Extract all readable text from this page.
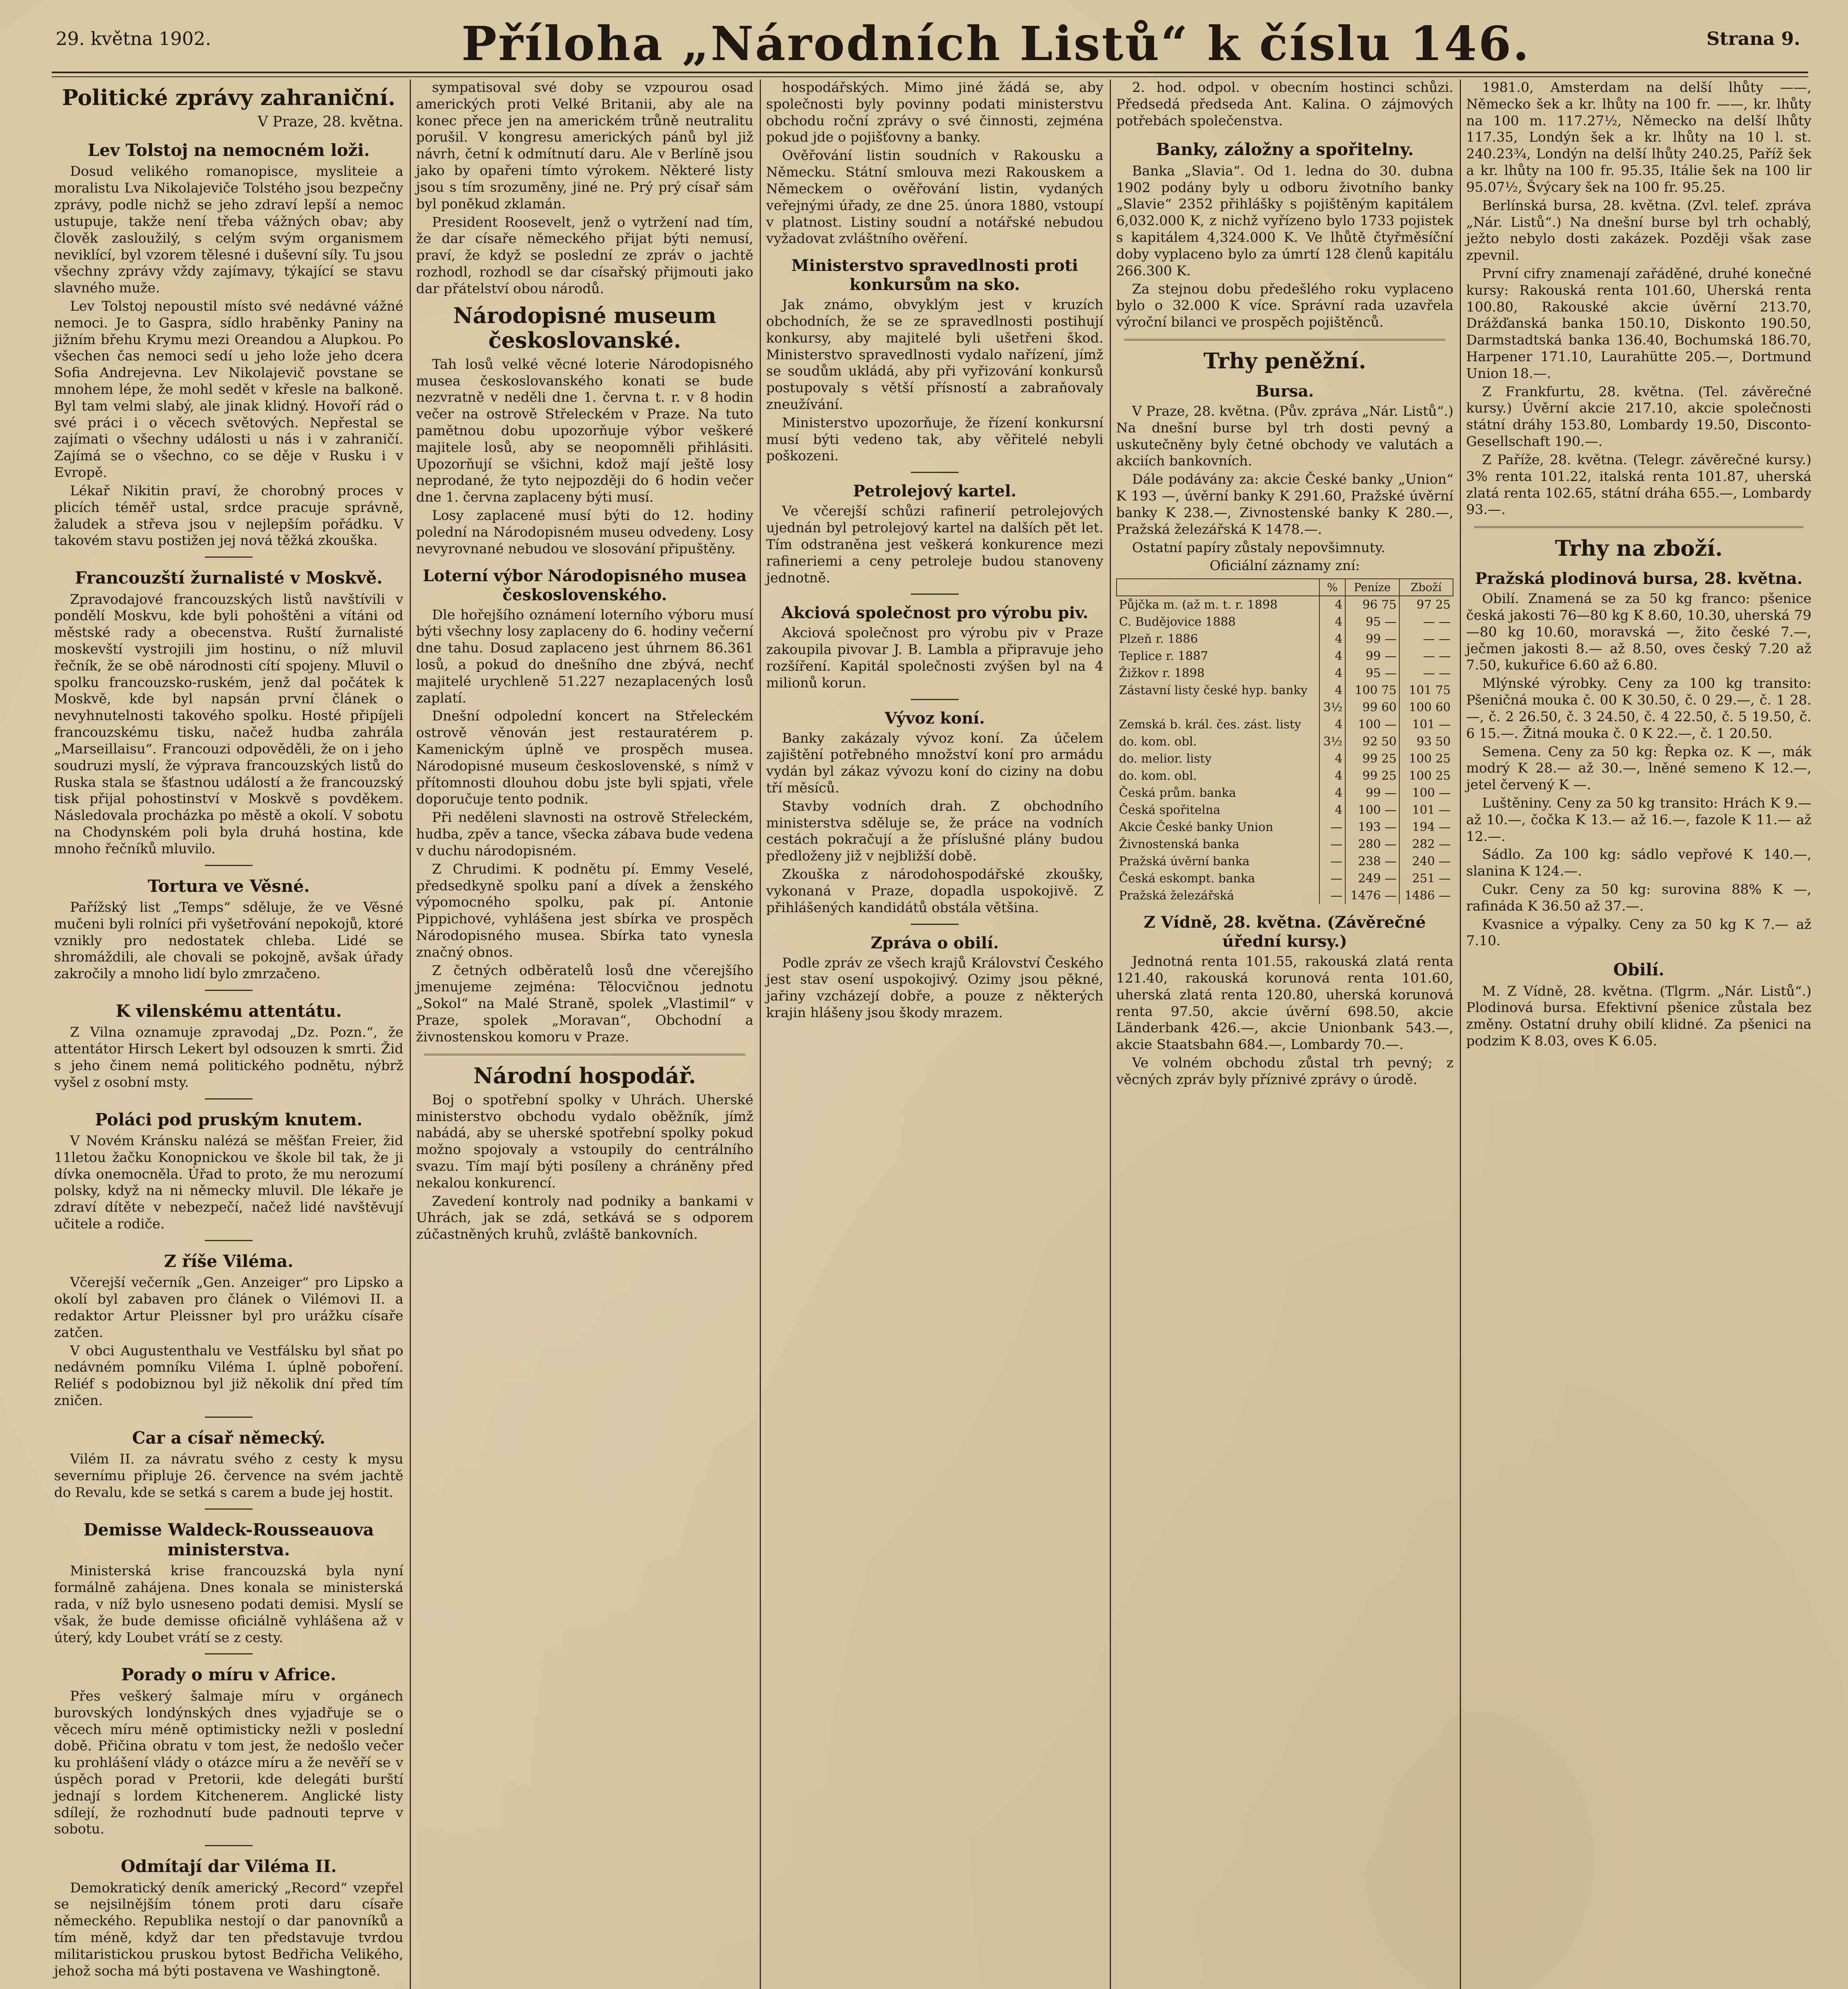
29. května 1902.	Příloha „Národních Listů“ k číslu 146.	Strana 9.
Politické zprávy zahraniční.
V Praze, 28. května.
Lev Tolstoj na nemocném loži.

Dosud velikého romanopisce, mysliteie a moralistu Lva Nikolajeviče Tolstého jsou bezpečny zprávy, podle nichž se jeho zdraví lepší a nemoc ustupuje, takže není třeba vážných obav; aby člověk zasloužilý, s celým svým organismem neviklící, byl vzorem tělesné i duševní síly. Tu jsou všechny zprávy vždy zajímavy, týkající se stavu slavného muže.

Lev Tolstoj nepoustil místo své nedávné vážné nemoci. Je to Gaspra, sídlo hraběnky Paniny na jižním břehu Krymu mezi Oreandou a Alupkou. Po všechen čas nemoci sedí u jeho lože jeho dcera Sofia Andrejevna. Lev Nikolajevič povstane se mnohem lépe, že mohl sedět v křesle na balkoně. Byl tam velmi slabý, ale jinak klidný. Hovoří rád o své práci i o věcech světových. Nepřestal se zajímati o všechny události u nás i v zahraničí. Zajímá se o všechno, co se děje v Rusku i v Evropě.

Lékař Nikitin praví, že chorobný proces v plicích téměř ustal, srdce pracuje správně, žaludek a střeva jsou v nejlepším pořádku. V takovém stavu postižen jej nová těžká zkouška.

Francouzští žurnalisté v Moskvě.

Zpravodajové francouzských listů navštívili v pondělí Moskvu, kde byli pohoštěni a vítáni od městské rady a obecenstva. Ruští žurnalisté moskevští vystrojili jim hostinu, o níž mluvil řečník, že se obě národnosti cítí spojeny. Mluvil o spolku francouzsko-ruském, jenž dal počátek k Moskvě, kde byl napsán první článek o nevyhnutelnosti takového spolku. Hosté připíjeli francouzskému tisku, načež hudba zahrála „Marseillaisu“. Francouzi odpověděli, že on i jeho soudruzi myslí, že výprava francouzských listů do Ruska stala se šťastnou událostí a že francouzský tisk přijal pohostinství v Moskvě s povděkem. Následovala procházka po městě a okolí. V sobotu na Chodynském poli byla druhá hostina, kde mnoho řečníků mluvilo.

Tortura ve Věsné.

Pařížský list „Temps“ sděluje, že ve Věsné mučeni byli rolníci při vyšetřování nepokojů, ktoré vznikly pro nedostatek chleba. Lidé se shromáždili, ale chovali se pokojně, avšak úřady zakročily a mnoho lidí bylo zmrzačeno.

K vilenskému attentátu.

Z Vilna oznamuje zpravodaj „Dz. Pozn.“, že attentátor Hirsch Lekert byl odsouzen k smrti. Žid s jeho činem nemá politického podnětu, nýbrž vyšel z osobní msty.

Poláci pod pruským knutem.

V Novém Kránsku nalézá se měšťan Freier, žid 11letou žačku Konopnickou ve škole bil tak, že ji dívka onemocněla. Úřad to proto, že mu nerozumí polsky, když na ni německy mluvil. Dle lékaře je zdraví dítěte v nebezpečí, načež lidé navštěvují učitele a rodiče.

Z říše Viléma.

Včerejší večerník „Gen. Anzeiger“ pro Lipsko a okolí byl zabaven pro článek o Vilémovi II. a redaktor Artur Pleissner byl pro urážku císaře zatčen.

V obci Augustenthalu ve Vestfálsku byl sňat po nedávném pomníku Viléma I. úplně poboření. Reliéf s podobiznou byl již několik dní před tím zničen.

Car a císař německý.

Vilém II. za návratu svého z cesty k mysu severnímu připluje 26. července na svém jachtě do Revalu, kde se setká s carem a bude jej hostit.

Demisse Waldeck-Rousseauova ministerstva.

Ministerská krise francouzská byla nyní formálně zahájena. Dnes konala se ministerská rada, v níž bylo usneseno podati demisi. Myslí se však, že bude demisse oficiálně vyhlášena až v úterý, kdy Loubet vrátí se z cesty.

Porady o míru v Africe.

Přes veškerý šalmaje míru v orgánech burovských londýnských dnes vyjadřuje se o věcech míru méně optimisticky nežli v poslední době. Přičina obratu v tom jest, že nedošlo večer ku prohlášení vlády o otázce míru a že nevěří se v úspěch porad v Pretorii, kde delegáti burští jednají s lordem Kitchenerem. Anglické listy sdílejí, že rozhodnutí bude padnouti teprve v sobotu.

Odmítají dar Viléma II.

Demokratický deník americký „Record“ vzepřel se nejsilnějším tónem proti daru císaře německého. Republika nestojí o dar panovníků a tím méně, když dar ten představuje tvrdou militaristickou pruskou bytost Bedřicha Velikého, jehož socha má býti postavena ve Washingtoně.

sympatisoval své doby se vzpourou osad amerických proti Velké Britanii, aby ale na konec přece jen na americkém trůně neutralitu porušil. V kongresu amerických pánů byl již návrh, četní k odmítnutí daru. Ale v Berlíně jsou jako by opařeni tímto výrokem. Některé listy jsou s tím srozuměny, jiné ne. Prý prý císař sám byl poněkud zklamán.

President Roosevelt, jenž o vytržení nad tím, že dar císaře německého přijat býti nemusí, praví, že když se poslední ze zpráv o jachtě rozhodl, rozhodl se dar císařský přijmouti jako dar přátelství obou národů.

Národopisné museum českoslovanské.

Tah losů velké věcné loterie Národopisného musea českoslovanského konati se bude nezvratně v neděli dne 1. června t. r. v 8 hodin večer na ostrově Střeleckém v Praze. Na tuto pamětnou dobu upozorňuje výbor veškeré majitele losů, aby se neopomněli přihlásiti. Upozorňují se všichni, kdož mají ještě losy neprodané, že tyto nejpozději do 6 hodin večer dne 1. června zaplaceny býti musí.

Losy zaplacené musí býti do 12. hodiny polední na Národopisném museu odvedeny. Losy nevyrovnané nebudou ve slosování připuštěny.

Loterní výbor Národopisného musea československého.

Dle hořejšího oznámení loterního výboru musí býti všechny losy zaplaceny do 6. hodiny večerní dne tahu. Dosud zaplaceno jest úhrnem 86.361 losů, a pokud do dnešního dne zbývá, nechť majitelé urychleně 51.227 nezaplacených losů zaplatí.

Dnešní odpolední koncert na Střeleckém ostrově věnován jest restauratérem p. Kamenickým úplně ve prospěch musea. Národopisné museum československé, s nímž v přítomnosti dlouhou dobu jste byli spjati, vřele doporučuje tento podnik.

Při neděleni slavnosti na ostrově Střeleckém, hudba, zpěv a tance, všecka zábava bude vedena v duchu národopisném.

Z Chrudimi. K podnětu pí. Emmy Veselé, předsedkyně spolku paní a dívek a ženského výpomocného spolku, pak pí. Antonie Pippichové, vyhlášena jest sbírka ve prospěch Národopisného musea. Sbírka tato vynesla značný obnos.

Z četných odběratelů losů dne včerejšího jmenujeme zejména: Tělocvičnou jednotu „Sokol“ na Malé Straně, spolek „Vlastimil“ v Praze, spolek „Moravan“, Obchodní a živnostenskou komoru v Praze.

Národní hospodář.

Boj o spotřební spolky v Uhrách. Uherské ministerstvo obchodu vydalo oběžník, jímž nabádá, aby se uherské spotřební spolky pokud možno spojovaly a vstoupily do centrálního svazu. Tím mají býti posíleny a chráněny před nekalou konkurencí.

Zavedení kontroly nad podniky a bankami v Uhrách, jak se zdá, setkává se s odporem zúčastněných kruhů, zvláště bankovních.

hospodářských. Mimo jiné žádá se, aby společnosti byly povinny podati ministerstvu obchodu roční zprávy o své činnosti, zejména pokud jde o pojišťovny a banky.

Ověřování listin soudních v Rakousku a Německu. Státní smlouva mezi Rakouskem a Německem o ověřování listin, vydaných veřejnými úřady, ze dne 25. února 1880, vstoupí v platnost. Listiny soudní a notářské nebudou vyžadovat zvláštního ověření.

Ministerstvo spravedlnosti proti konkursům na sko.

Jak známo, obvyklým jest v kruzích obchodních, že se ze spravedlnosti postihují konkursy, aby majitelé byli ušetřeni škod. Ministerstvo spravedlnosti vydalo nařízení, jímž se soudům ukládá, aby při vyřizování konkursů postupovaly s větší přísností a zabraňovaly zneužívání.

Ministerstvo upozorňuje, že řízení konkursní musí býti vedeno tak, aby věřitelé nebyli poškozeni.

Petrolejový kartel.

Ve včerejší schůzi rafinerií petrolejových ujednán byl petrolejový kartel na dalších pět let. Tím odstraněna jest veškerá konkurence mezi rafineriemi a ceny petroleje budou stanoveny jednotně.

Akciová společnost pro výrobu piv.

Akciová společnost pro výrobu piv v Praze zakoupila pivovar J. B. Lambla a připravuje jeho rozšíření. Kapitál společnosti zvýšen byl na 4 milionů korun.

Vývoz koní.

Banky zakázaly vývoz koní. Za účelem zajištění potřebného množství koní pro armádu vydán byl zákaz vývozu koní do ciziny na dobu tří měsíců.

Stavby vodních drah. Z obchodního ministerstva sděluje se, že práce na vodních cestách pokračují a že příslušné plány budou předloženy již v nejbližší době.

Zkouška z národohospodářské zkoušky, vykonaná v Praze, dopadla uspokojivě. Z přihlášených kandidátů obstála většina.

Zpráva o obilí.

Podle zpráv ze všech krajů Království Českého jest stav osení uspokojivý. Ozimy jsou pěkné, jařiny vzcházejí dobře, a pouze z některých krajin hlášeny jsou škody mrazem.

2. hod. odpol. v obecním hostinci schůzi. Předsedá předseda Ant. Kalina. O zájmových potřebách společenstva.

Banky, záložny a spořitelny.

Banka „Slavia“. Od 1. ledna do 30. dubna 1902 podány byly u odboru životního banky „Slavie“ 2352 přihlášky s pojištěným kapitálem 6,032.000 K, z nichž vyřízeno bylo 1733 pojistek s kapitálem 4,324.000 K. Ve lhůtě čtyřměsíční doby vyplaceno bylo za úmrtí 128 členů kapitálu 266.300 K.

Za stejnou dobu předešlého roku vyplaceno bylo o 32.000 K více. Správní rada uzavřela výroční bilanci ve prospěch pojištěnců.

Trhy peněžní.
Bursa.

V Praze, 28. května. (Pův. zpráva „Nár. Listů“.) Na dnešní burse byl trh dosti pevný a uskutečněny byly četné obchody ve valutách a akciích bankovních.

Dále podávány za: akcie České banky „Union“ K 193 —, úvěrní banky K 291.60, Pražské úvěrní banky K 238.—, Zivnostenské banky K 280.—, Pražská železářská K 1478.—.

Ostatní papíry zůstaly nepovšimnuty.

Oficiální záznamy zní:

	%	Peníze	Zboží
Půjčka m. (až m. t. r. 1898	4	96 75	97 25
C. Budějovice 1888	4	95 —	— —
Plzeň r. 1886	4	99 —	— —
Teplice r. 1887	4	99 —	— —
Žižkov r. 1898	4	95 —	— —
Zástavní listy české hyp. banky	4	100 75	101 75
	3½	99 60	100 60
Zemská b. král. čes. zást. listy	4	100 —	101 —
do. kom. obl.	3½	92 50	93 50
do. melior. listy	4	99 25	100 25
do. kom. obl.	4	99 25	100 25
Česká prům. banka	4	99 —	100 —
Česká spořitelna	4	100 —	101 —
Akcie České banky Union	—	193 —	194 —
Živnostenská banka	—	280 —	282 —
Pražská úvěrní banka	—	238 —	240 —
Česká eskompt. banka	—	249 —	251 —
Pražská železářská	—	1476 —	1486 —
Z Vídně, 28. května. (Závěrečné úřední kursy.)

Jednotná renta 101.55, rakouská zlatá renta 121.40, rakouská korunová renta 101.60, uherská zlatá renta 120.80, uherská korunová renta 97.50, akcie úvěrní 698.50, akcie Länderbank 426.—, akcie Unionbank 543.—, akcie Staatsbahn 684.—, Lombardy 70.—.

Ve volném obchodu zůstal trh pevný; z věcných zpráv byly příznivé zprávy o úrodě.

1981.0, Amsterdam na delší lhůty ——, Německo šek a kr. lhůty na 100 fr. ——, kr. lhůty na 100 m. 117.27½, Německo na delší lhůty 117.35, Londýn šek a kr. lhůty na 10 l. st. 240.23¾, Londýn na delší lhůty 240.25, Paříž šek a kr. lhůty na 100 fr. 95.35, Itálie šek na 100 lir 95.07½, Švýcary šek na 100 fr. 95.25.

Berlínská bursa, 28. května. (Zvl. telef. zpráva „Nár. Listů“.) Na dnešní burse byl trh ochablý, ježto nebylo dosti zakázek. Později však zase zpevnil.

První cifry znamenají zařáděné, druhé konečné kursy: Rakouská renta 101.60, Uherská renta 100.80, Rakouské akcie úvěrní 213.70, Drážďanská banka 150.10, Diskonto 190.50, Darmstadtská banka 136.40, Bochumská 186.70, Harpener 171.10, Laurahütte 205.—, Dortmund Union 18.—.

Z Frankfurtu, 28. května. (Tel. závěrečné kursy.) Úvěrní akcie 217.10, akcie společnosti státní dráhy 153.80, Lombardy 19.50, Disconto-Gesellschaft 190.—.

Z Paříže, 28. května. (Telegr. závěrečné kursy.) 3% renta 101.22, italská renta 101.87, uherská zlatá renta 102.65, státní dráha 655.—, Lombardy 93.—.

Trhy na zboží.
Pražská plodinová bursa, 28. května.

Obilí. Znamená se za 50 kg franco: pšenice česká jakosti 76—80 kg K 8.60, 10.30, uherská 79—80 kg 10.60, moravská —, žito české 7.—, ječmen jakosti 8.— až 8.50, oves český 7.20 až 7.50, kukuřice 6.60 až 6.80.

Mlýnské výrobky. Ceny za 100 kg transito: Pšeničná mouka č. 00 K 30.50, č. 0 29.—, č. 1 28.—, č. 2 26.50, č. 3 24.50, č. 4 22.50, č. 5 19.50, č. 6 15.—. Žitná mouka č. 0 K 22.—, č. 1 20.50.

Semena. Ceny za 50 kg: Řepka oz. K —, mák modrý K 28.— až 30.—, lněné semeno K 12.—, jetel červený K —.

Luštěniny. Ceny za 50 kg transito: Hrách K 9.— až 10.—, čočka K 13.— až 16.—, fazole K 11.— až 12.—.

Sádlo. Za 100 kg: sádlo vepřové K 140.—, slanina K 124.—.

Cukr. Ceny za 50 kg: surovina 88% K —, rafináda K 36.50 až 37.—.

Kvasnice a výpalky. Ceny za 50 kg K 7.— až 7.10.

Obilí.

M. Z Vídně, 28. května. (Tlgrm. „Nár. Listů“.) Plodinová bursa. Efektivní pšenice zůstala bez změny. Ostatní druhy obilí klidné. Za pšenici na podzim K 8.03, oves K 6.05.
